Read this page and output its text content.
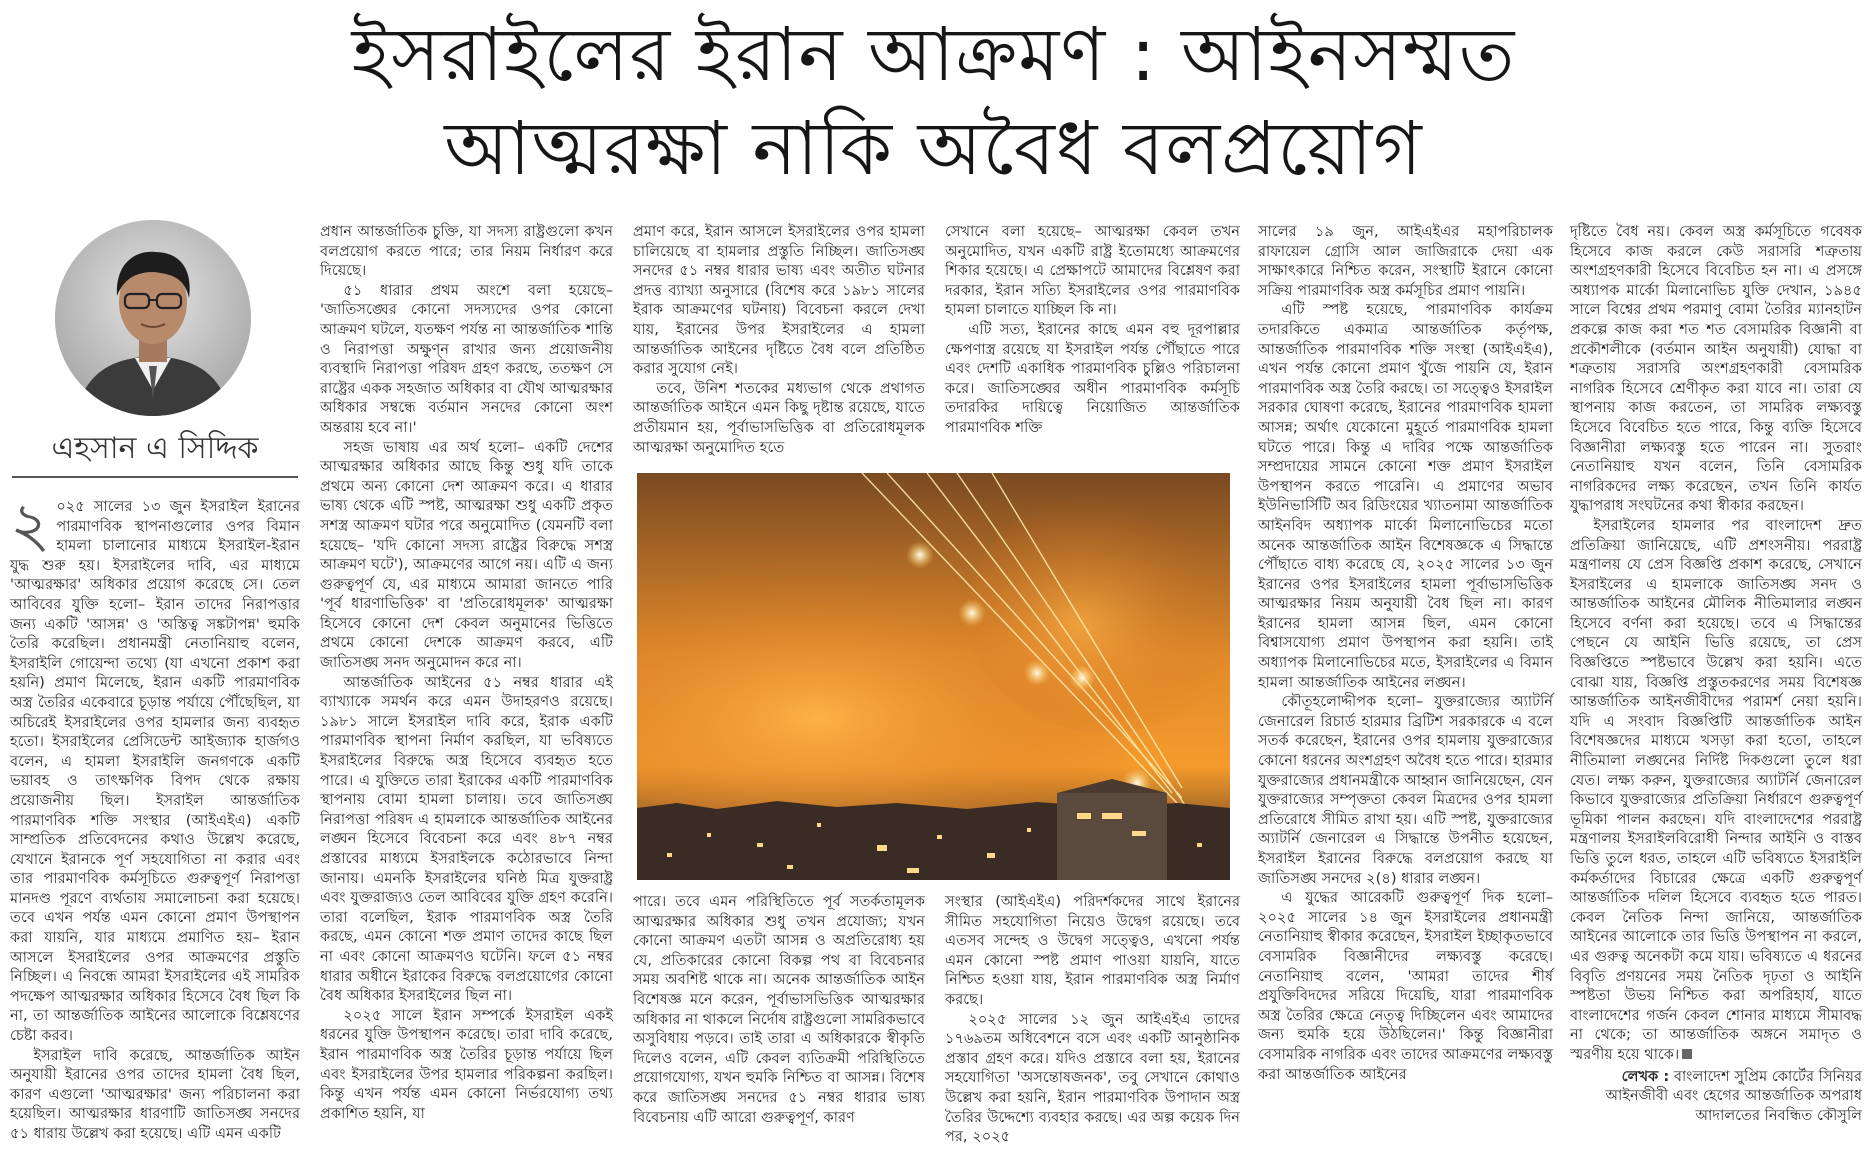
ইসরাইলের ইরান আক্রমণ : আইনসম্মত
আত্মরক্ষা নাকি অবৈধ বলপ্রয়োগ
এহসান এ সিদ্দিক

২ ০২৫ সালের ১৩ জুন ইসরাইল ইরানের পারমাণবিক স্থাপনাগুলোর ওপর বিমান হামলা চালানোর মাধ্যমে ইসরাইল-ইরান যুদ্ধ শুরু হয়। ইসরাইলের দাবি, এর মাধ্যমে 'আত্মরক্ষার' অধিকার প্রয়োগ করেছে সে। তেল আবিবের যুক্তি হলো– ইরান তাদের নিরাপত্তার জন্য একটি 'আসন্ন' ও 'অস্তিত্ব সঙ্কটাপন্ন' হুমকি তৈরি করেছিল। প্রধানমন্ত্রী নেতানিয়াহু বলেন, ইসরাইলি গোয়েন্দা তথ্যে (যা এখনো প্রকাশ করা হয়নি) প্রমাণ মিলেছে, ইরান একটি পারমাণবিক অস্ত্র তৈরির একেবারে চূড়ান্ত পর্যায়ে পৌঁছেছিল, যা অচিরেই ইসরাইলের ওপর হামলার জন্য ব্যবহৃত হতো। ইসরাইলের প্রেসিডেন্ট আইজ্যাক হার্জগও বলেন, এ হামলা ইসরাইলি জনগণকে একটি ভয়াবহ ও তাৎক্ষণিক বিপদ থেকে রক্ষায় প্রয়োজনীয় ছিল। ইসরাইল আন্তর্জাতিক পারমাণবিক শক্তি সংস্থার (আইএইএ) একটি সাম্প্রতিক প্রতিবেদনের কথাও উল্লেখ করেছে, যেখানে ইরানকে পূর্ণ সহযোগিতা না করার এবং তার পারমাণবিক কর্মসূচিতে গুরুত্বপূর্ণ নিরাপত্তা মানদণ্ড পূরণে ব্যর্থতায় সমালোচনা করা হয়েছে। তবে এখন পর্যন্ত এমন কোনো প্রমাণ উপস্থাপন করা যায়নি, যার মাধ্যমে প্রমাণিত হয়– ইরান আসলে ইসরাইলের ওপর আক্রমণের প্রস্তুতি নিচ্ছিল। এ নিবন্ধে আমরা ইসরাইলের এই সামরিক পদক্ষেপ আত্মরক্ষার অধিকার হিসেবে বৈধ ছিল কি না, তা আন্তর্জাতিক আইনের আলোকে বিশ্লেষণের চেষ্টা করব।

ইসরাইল দাবি করেছে, আন্তর্জাতিক আইন অনুযায়ী ইরানের ওপর তাদের হামলা বৈধ ছিল, কারণ এগুলো 'আত্মরক্ষার' জন্য পরিচালনা করা হয়েছিল। আত্মরক্ষার ধারণাটি জাতিসঙ্ঘ সনদের ৫১ ধারায় উল্লেখ করা হয়েছে। এটি এমন একটি

প্রধান আন্তর্জাতিক চুক্তি, যা সদস্য রাষ্ট্রগুলো কখন বলপ্রয়োগ করতে পারে; তার নিয়ম নির্ধারণ করে দিয়েছে।

৫১ ধারার প্রথম অংশে বলা হয়েছে– 'জাতিসঙ্ঘের কোনো সদস্যদের ওপর কোনো আক্রমণ ঘটলে, যতক্ষণ পর্যন্ত না আন্তর্জাতিক শান্তি ও নিরাপত্তা অক্ষুণ্ন রাখার জন্য প্রয়োজনীয় ব্যবস্থাদি নিরাপত্তা পরিষদ গ্রহণ করছে, ততক্ষণ সে রাষ্ট্রের একক সহজাত অধিকার বা যৌথ আত্মরক্ষার অধিকার সম্বন্ধে বর্তমান সনদের কোনো অংশ অন্তরায় হবে না।'

সহজ ভাষায় এর অর্থ হলো– একটি দেশের আত্মরক্ষার অধিকার আছে কিন্তু শুধু যদি তাকে প্রথমে অন্য কোনো দেশ আক্রমণ করে। এ ধারার ভাষ্য থেকে এটি স্পষ্ট, আত্মরক্ষা শুধু একটি প্রকৃত সশস্ত্র আক্রমণ ঘটার পরে অনুমোদিত (যেমনটি বলা হয়েছে– 'যদি কোনো সদস্য রাষ্ট্রের বিরুদ্ধে সশস্ত্র আক্রমণ ঘটে'), আক্রমণের আগে নয়। এটি এ জন্য গুরুত্বপূর্ণ যে, এর মাধ্যমে আমারা জানতে পারি 'পূর্ব ধারণাভিত্তিক' বা 'প্রতিরোধমূলক' আত্মরক্ষা হিসেবে কোনো দেশ কেবল অনুমানের ভিত্তিতে প্রথমে কোনো দেশকে আক্রমণ করবে, এটি জাতিসঙ্ঘ সনদ অনুমোদন করে না।

আন্তর্জাতিক আইনের ৫১ নম্বর ধারার এই ব্যাখ্যাকে সমর্থন করে এমন উদাহরণও রয়েছে। ১৯৮১ সালে ইসরাইল দাবি করে, ইরাক একটি পারমাণবিক স্থাপনা নির্মাণ করছিল, যা ভবিষ্যতে ইসরাইলের বিরুদ্ধে অস্ত্র হিসেবে ব্যবহৃত হতে পারে। এ যুক্তিতে তারা ইরাকের একটি পারমাণবিক স্থাপনায় বোমা হামলা চালায়। তবে জাতিসঙ্ঘ নিরাপত্তা পরিষদ এ হামলাকে আন্তর্জাতিক আইনের লঙ্ঘন হিসেবে বিবেচনা করে এবং ৪৮৭ নম্বর প্রস্তাবের মাধ্যমে ইসরাইলকে কঠোরভাবে নিন্দা জানায়। এমনকি ইসরাইলের ঘনিষ্ঠ মিত্র যুক্তরাষ্ট্র এবং যুক্তরাজ্যও তেল আবিবের যুক্তি গ্রহণ করেনি। তারা বলেছিল, ইরাক পারমাণবিক অস্ত্র তৈরি করছে, এমন কোনো শক্ত প্রমাণ তাদের কাছে ছিল না এবং কোনো আক্রমণও ঘটেনি। ফলে ৫১ নম্বর ধারার অধীনে ইরাকের বিরুদ্ধে বলপ্রয়োগের কোনো বৈধ অধিকার ইসরাইলের ছিল না।

২০২৫ সালে ইরান সম্পর্কে ইসরাইল একই ধরনের যুক্তি উপস্থাপন করেছে। তারা দাবি করেছে, ইরান পারমাণবিক অস্ত্র তৈরির চূড়ান্ত পর্যায়ে ছিল এবং ইসরাইলের উপর হামলার পরিকল্পনা করছিল। কিন্তু এখন পর্যন্ত এমন কোনো নির্ভরযোগ্য তথ্য প্রকাশিত হয়নি, যা

প্রমাণ করে, ইরান আসলে ইসরাইলের ওপর হামলা চালিয়েছে বা হামলার প্রস্তুতি নিচ্ছিল। জাতিসঙ্ঘ সনদের ৫১ নম্বর ধারার ভাষ্য এবং অতীত ঘটনার প্রদত্ত ব্যাখ্যা অনুসারে (বিশেষ করে ১৯৮১ সালের ইরাক আক্রমণের ঘটনায়) বিবেচনা করলে দেখা যায়, ইরানের উপর ইসরাইলের এ হামলা আন্তর্জাতিক আইনের দৃষ্টিতে বৈধ বলে প্রতিষ্ঠিত করার সুযোগ নেই।

তবে, উনিশ শতকের মধ্যভাগ থেকে প্রথাগত আন্তর্জাতিক আইনে এমন কিছু দৃষ্টান্ত রয়েছে, যাতে প্রতীয়মান হয়, পূর্বাভাসভিত্তিক বা প্রতিরোধমূলক আত্মরক্ষা অনুমোদিত হতে

পারে। তবে এমন পরিস্থিতিতে পূর্ব সতর্কতামূলক আত্মরক্ষার অধিকার শুধু তখন প্রযোজ্য; যখন কোনো আক্রমণ এতটা আসন্ন ও অপ্রতিরোধ্য হয় যে, প্রতিকারের কোনো বিকল্প পথ বা বিবেচনার সময় অবশিষ্ট থাকে না। অনেক আন্তর্জাতিক আইন বিশেষজ্ঞ মনে করেন, পূর্বাভাসভিত্তিক আত্মরক্ষার অধিকার না থাকলে নির্দোষ রাষ্ট্রগুলো সামরিকভাবে অসুবিধায় পড়বে। তাই তারা এ অধিকারকে স্বীকৃতি দিলেও বলেন, এটি কেবল ব্যতিক্রমী পরিস্থিতিতে প্রয়োগযোগ্য, যখন হুমকি নিশ্চিত বা আসন্ন। বিশেষ করে জাতিসঙ্ঘ সনদের ৫১ নম্বর ধারার ভাষ্য বিবেচনায় এটি আরো গুরুত্বপূর্ণ, কারণ

সেখানে বলা হয়েছে– আত্মরক্ষা কেবল তখন অনুমোদিত, যখন একটি রাষ্ট্র ইতোমধ্যে আক্রমণের শিকার হয়েছে। এ প্রেক্ষাপটে আমাদের বিশ্লেষণ করা দরকার, ইরান সত্যি ইসরাইলের ওপর পারমাণবিক হামলা চালাতে যাচ্ছিল কি না।

এটি সত্য, ইরানের কাছে এমন বহু দূরপাল্লার ক্ষেপণাস্ত্র রয়েছে যা ইসরাইল পর্যন্ত পৌঁছাতে পারে এবং দেশটি একাধিক পারমাণবিক চুল্লিও পরিচালনা করে। জাতিসঙ্ঘের অধীন পারমাণবিক কর্মসূচি তদারকির দায়িত্বে নিয়োজিত আন্তর্জাতিক পারমাণবিক শক্তি

সংস্থার (আইএইএ) পরিদর্শকদের সাথে ইরানের সীমিত সহযোগিতা নিয়েও উদ্বেগ রয়েছে। তবে এতসব সন্দেহ ও উদ্বেগ সত্ত্বেও, এখনো পর্যন্ত এমন কোনো স্পষ্ট প্রমাণ পাওয়া যায়নি, যাতে নিশ্চিত হওয়া যায়, ইরান পারমাণবিক অস্ত্র নির্মাণ করছে।

২০২৫ সালের ১২ জুন আইএইএ তাদের ১৭৬৯তম অধিবেশনে বসে এবং একটি আনুষ্ঠানিক প্রস্তাব গ্রহণ করে। যদিও প্রস্তাবে বলা হয়, ইরানের সহযোগিতা 'অসন্তোষজনক', তবু সেখানে কোথাও উল্লেখ করা হয়নি, ইরান পারমাণবিক উপাদান অস্ত্র তৈরির উদ্দেশ্যে ব্যবহার করছে। এর অল্প কয়েক দিন পর, ২০২৫

সালের ১৯ জুন, আইএইএর মহাপরিচালক রাফায়েল গ্রোসি আল জাজিরাকে দেয়া এক সাক্ষাৎকারে নিশ্চিত করেন, সংস্থাটি ইরানে কোনো সক্রিয় পারমাণবিক অস্ত্র কর্মসূচির প্রমাণ পায়নি।

এটি স্পষ্ট হয়েছে, পারমাণবিক কার্যক্রম তদারকিতে একমাত্র আন্তর্জাতিক কর্তৃপক্ষ, আন্তর্জাতিক পারমাণবিক শক্তি সংস্থা (আইএইএ), এখন পর্যন্ত কোনো প্রমাণ খুঁজে পায়নি যে, ইরান পারমাণবিক অস্ত্র তৈরি করছে। তা সত্ত্বেও ইসরাইল সরকার ঘোষণা করেছে, ইরানের পারমাণবিক হামলা আসন্ন; অর্থাৎ যেকোনো মুহূর্তে পারমাণবিক হামলা ঘটতে পারে। কিন্তু এ দাবির পক্ষে আন্তর্জাতিক সম্প্রদায়ের সামনে কোনো শক্ত প্রমাণ ইসরাইল উপস্থাপন করতে পারেনি। এ প্রমাণের অভাব ইউনিভার্সিটি অব রিডিংয়ের খ্যাতনামা আন্তর্জাতিক আইনবিদ অধ্যাপক মার্কো মিলানোভিচের মতো অনেক আন্তর্জাতিক আইন বিশেষজ্ঞকে এ সিদ্ধান্তে পৌঁছাতে বাধ্য করেছে যে, ২০২৫ সালের ১৩ জুন ইরানের ওপর ইসরাইলের হামলা পূর্বাভাসভিত্তিক আত্মরক্ষার নিয়ম অনুযায়ী বৈধ ছিল না। কারণ ইরানের হামলা আসন্ন ছিল, এমন কোনো বিশ্বাসযোগ্য প্রমাণ উপস্থাপন করা হয়নি। তাই অধ্যাপক মিলানোভিচের মতে, ইসরাইলের এ বিমান হামলা আন্তর্জাতিক আইনের লঙ্ঘন।

কৌতূহলোদ্দীপক হলো– যুক্তরাজ্যের অ্যাটর্নি জেনারেল রিচার্ড হারমার ব্রিটিশ সরকারকে এ বলে সতর্ক করেছেন, ইরানের ওপর হামলায় যুক্তরাজ্যের কোনো ধরনের অংশগ্রহণ অবৈধ হতে পারে। হারমার যুক্তরাজ্যের প্রধানমন্ত্রীকে আহ্বান জানিয়েছেন, যেন যুক্তরাজ্যের সম্পৃক্ততা কেবল মিত্রদের ওপর হামলা প্রতিরোধে সীমিত রাখা হয়। এটি স্পষ্ট, যুক্তরাজ্যের অ্যাটর্নি জেনারেল এ সিদ্ধান্তে উপনীত হয়েছেন, ইসরাইল ইরানের বিরুদ্ধে বলপ্রয়োগ করছে যা জাতিসঙ্ঘ সনদের ২(৪) ধারার লঙ্ঘন।

এ যুদ্ধের আরেকটি গুরুত্বপূর্ণ দিক হলো– ২০২৫ সালের ১৪ জুন ইসরাইলের প্রধানমন্ত্রী নেতানিয়াহু স্বীকার করেছেন, ইসরাইল ইচ্ছাকৃতভাবে বেসামরিক বিজ্ঞানীদের লক্ষ্যবস্তু করেছে। নেতানিয়াহু বলেন, 'আমরা তাদের শীর্ষ প্রযুক্তিবিদদের সরিয়ে দিয়েছি, যারা পারমাণবিক অস্ত্র তৈরির ক্ষেত্রে নেতৃত্ব দিচ্ছিলেন এবং আমাদের জন্য হুমকি হয়ে উঠছিলেন।' কিন্তু বিজ্ঞানীরা বেসামরিক নাগরিক এবং তাদের আক্রমণের লক্ষ্যবস্তু করা আন্তর্জাতিক আইনের

দৃষ্টিতে বৈধ নয়। কেবল অস্ত্র কর্মসূচিতে গবেষক হিসেবে কাজ করলে কেউ সরাসরি শত্রুতায় অংশগ্রহণকারী হিসেবে বিবেচিত হন না। এ প্রসঙ্গে অধ্যাপক মার্কো মিলানোভিচ যুক্তি দেখান, ১৯৪৫ সালে বিশ্বের প্রথম পরমাণু বোমা তৈরির ম্যানহাটন প্রকল্পে কাজ করা শত শত বেসামরিক বিজ্ঞানী বা প্রকৌশলীকে (বর্তমান আইন অনুযায়ী) যোদ্ধা বা শত্রুতায় সরাসরি অংশগ্রহণকারী বেসামরিক নাগরিক হিসেবে শ্রেণীকৃত করা যাবে না। তারা যে স্থাপনায় কাজ করতেন, তা সামরিক লক্ষ্যবস্তু হিসেবে বিবেচিত হতে পারে, কিন্তু ব্যক্তি হিসেবে বিজ্ঞানীরা লক্ষ্যবস্তু হতে পারেন না। সুতরাং নেতানিয়াহু যখন বলেন, তিনি বেসামরিক নাগরিকদের লক্ষ্য করেছেন, তখন তিনি কার্যত যুদ্ধাপরাধ সংঘটনের কথা স্বীকার করছেন।

ইসরাইলের হামলার পর বাংলাদেশ দ্রুত প্রতিক্রিয়া জানিয়েছে, এটি প্রশংসনীয়। পররাষ্ট্র মন্ত্রণালয় যে প্রেস বিজ্ঞপ্তি প্রকাশ করেছে, সেখানে ইসরাইলের এ হামলাকে জাতিসঙ্ঘ সনদ ও আন্তর্জাতিক আইনের মৌলিক নীতিমালার লঙ্ঘন হিসেবে বর্ণনা করা হয়েছে। তবে এ সিদ্ধান্তের পেছনে যে আইনি ভিত্তি রয়েছে, তা প্রেস বিজ্ঞপ্তিতে স্পষ্টভাবে উল্লেখ করা হয়নি। এতে বোঝা যায়, বিজ্ঞপ্তি প্রস্তুতকরণের সময় বিশেষজ্ঞ আন্তর্জাতিক আইনজীবীদের পরামর্শ নেয়া হয়নি। যদি এ সংবাদ বিজ্ঞপ্তিটি আন্তর্জাতিক আইন বিশেষজ্ঞদের মাধ্যমে খসড়া করা হতো, তাহলে নীতিমালা লঙ্ঘনের নির্দিষ্ট দিকগুলো তুলে ধরা যেত। লক্ষ্য করুন, যুক্তরাজ্যের অ্যাটর্নি জেনারেল কিভাবে যুক্তরাজ্যের প্রতিক্রিয়া নির্ধারণে গুরুত্বপূর্ণ ভূমিকা পালন করছেন। যদি বাংলাদেশের পররাষ্ট্র মন্ত্রণালয় ইসরাইলবিরোধী নিন্দার আইনি ও বাস্তব ভিত্তি তুলে ধরত, তাহলে এটি ভবিষ্যতে ইসরাইলি কর্মকর্তাদের বিচারের ক্ষেত্রে একটি গুরুত্বপূর্ণ আন্তর্জাতিক দলিল হিসেবে ব্যবহৃত হতে পারত। কেবল নৈতিক নিন্দা জানিয়ে, আন্তর্জাতিক আইনের আলোকে তার ভিত্তি উপস্থাপন না করলে, এর গুরুত্ব অনেকটা কমে যায়। ভবিষ্যতে এ ধরনের বিবৃতি প্রণয়নের সময় নৈতিক দৃঢ়তা ও আইনি স্পষ্টতা উভয় নিশ্চিত করা অপরিহার্য, যাতে বাংলাদেশের গর্জন কেবল শোনার মাধ্যমে সীমাবদ্ধ না থেকে; তা আন্তর্জাতিক অঙ্গনে সমাদৃত ও স্মরণীয় হয়ে থাকে।

লেখক : বাংলাদেশ সুপ্রিম কোর্টের সিনিয়র আইনজীবী এবং হেগের আন্তর্জাতিক অপরাধ আদালতের নিবন্ধিত কৌসুলি
